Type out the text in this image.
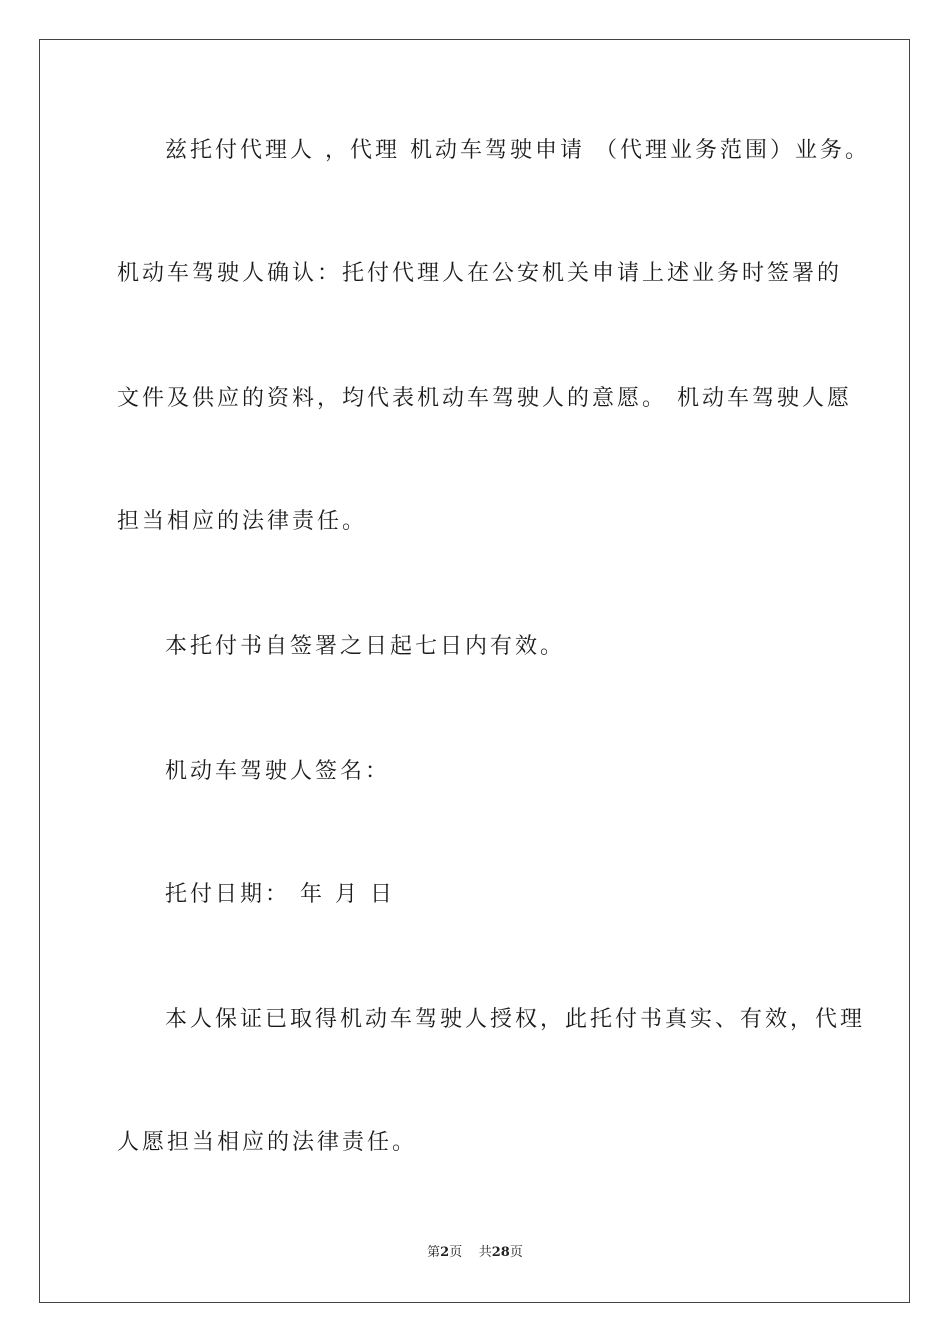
兹托付代理人 ，代理 机动车驾驶申请 （代理业务范围）业务。
机动车驾驶人确认：托付代理人在公安机关申请上述业务时签署的
文件及供应的资料，均代表机动车驾驶人的意愿。 机动车驾驶人愿
担当相应的法律责任。
本托付书自签署之日起七日内有效。
机动车驾驶人签名：
托付日期： 年 月 日
本人保证已取得机动车驾驶人授权，此托付书真实、有效，代理
人愿担当相应的法律责任。
第2页 共28页
